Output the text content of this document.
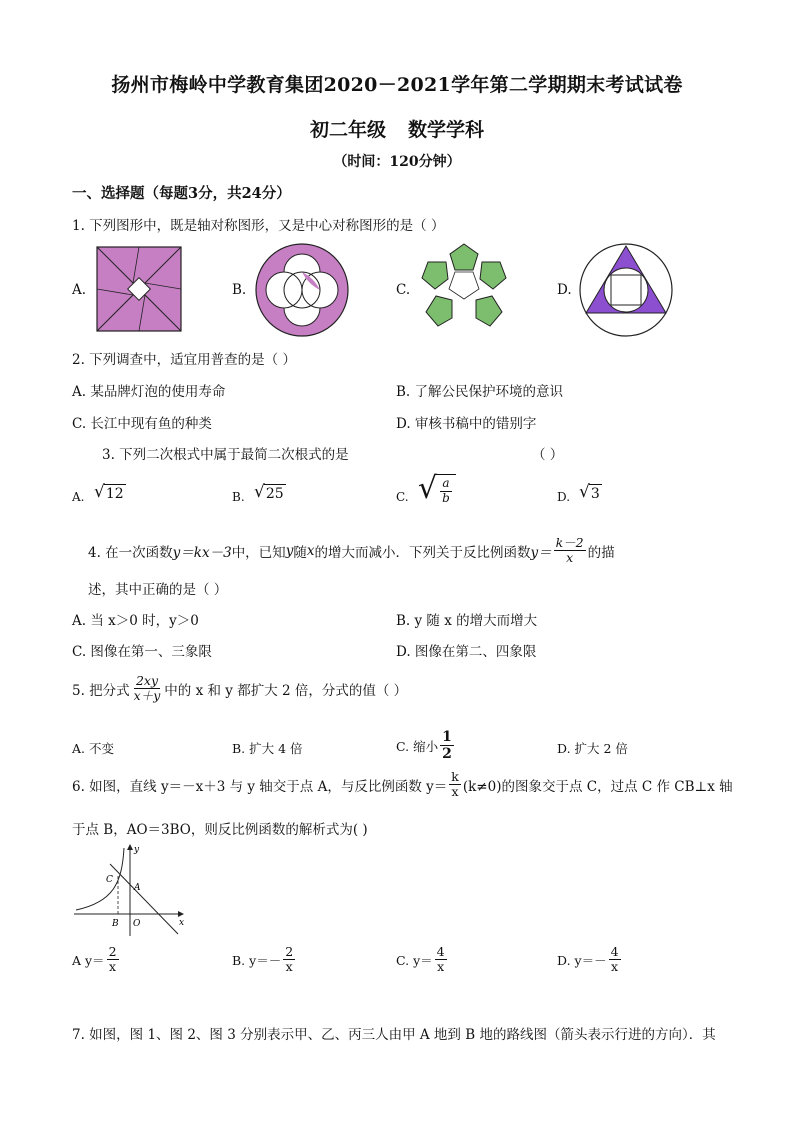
扬州市梅岭中学教育集团2020－2021学年第二学期期末考试试卷
初二年级 数学学科
（时间：120分钟）
一、选择题（每题3分，共24分）
1. 下列图形中，既是轴对称图形，又是中心对称图形的是（ ）
A.	B.	C.	D.
2. 下列调查中，适宜用普查的是（ ）
A. 某品牌灯泡的使用寿命	B. 了解公民保护环境的意识
C. 长江中现有鱼的种类	D. 审核书稿中的错别字
3. 下列二次根式中属于最简二次根式的是	（ ）
A. √ 12	B. √ 25	C. √ $\frac{a}{b}$	D. √ 3
4. 在一次函数 y＝kx－3 中，已知 y 随 x 的增大而减小．下列关于反比例函数 $y= \frac{k-2}{x}$ 的描
述，其中正确的是（ ）
A. 当 x＞0 时，y＞0	B. y 随 x 的增大而增大
C. 图像在第一、三象限	D. 图像在第二、四象限
5. 把分式 $\frac{2xy}{x+y}$ 中的 x 和 y 都扩大 2 倍，分式的值（ ）
A. 不变	B. 扩大 4 倍	C. 缩小 $\frac{1}{2}$	D. 扩大 2 倍
6. 如图，直线 y＝－x＋3 与 y 轴交于点 A，与反比例函数 $y= \frac{k}{x} (k\ne 0)$的图象交于点 C，过点 C 作 CB⊥x 轴
于点 B，AO＝3BO，则反比例函数的解析式为( )
y
C
A
B O	x
A $y= \frac{2}{x}$	B. $y=- \frac{2}{x}$	C. $y= \frac{4}{x}$	D. $y=- \frac{4}{x}$
7. 如图，图 1、图 2、图 3 分别表示甲、乙、丙三人由甲 A 地到 B 地的路线图（箭头表示行进的方向）．其
